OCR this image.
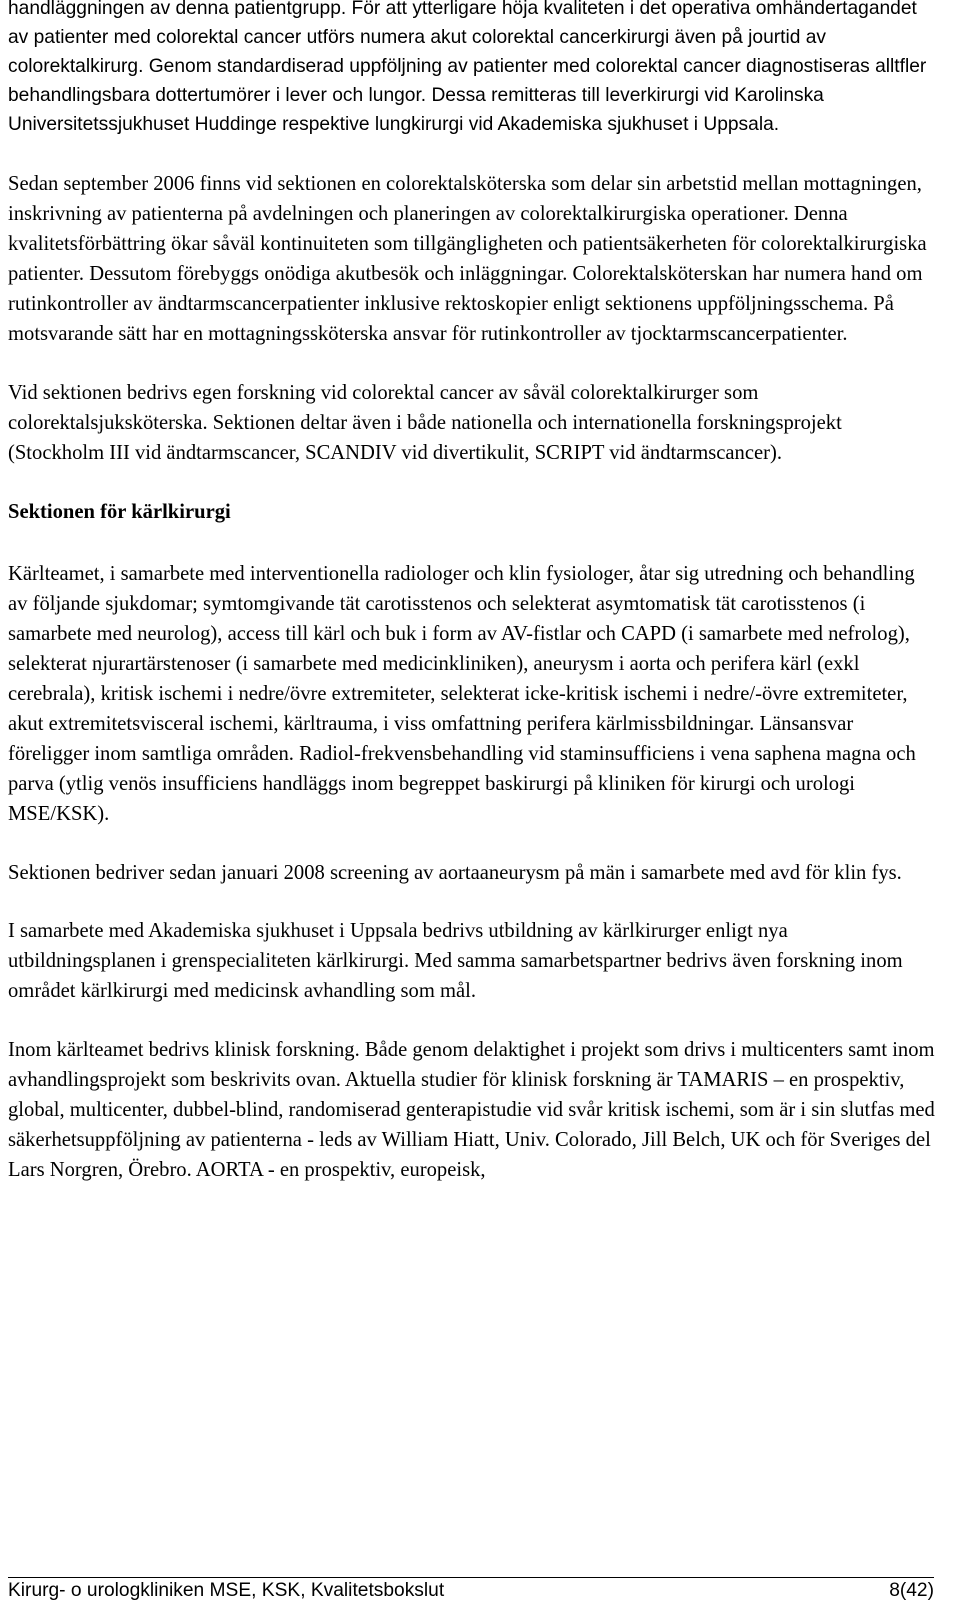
handläggningen av denna patientgrupp. För att ytterligare höja kvaliteten i det operativa omhändertagandet av patienter med colorektal cancer utförs numera akut colorektal cancerkirurgi även på jourtid av colorektalkirurg. Genom standardiserad uppföljning av patienter med colorektal cancer diagnostiseras alltfler behandlingsbara dottertumörer i lever och lungor. Dessa remitteras till leverkirurgi vid Karolinska Universitetssjukhuset Huddinge respektive lungkirurgi vid Akademiska sjukhuset i Uppsala.

Sedan september 2006 finns vid sektionen en colorektalsköterska som delar sin arbetstid mellan mottagningen, inskrivning av patienterna på avdelningen och planeringen av colorektalkirurgiska operationer. Denna kvalitetsförbättring ökar såväl kontinuiteten som tillgängligheten och patientsäkerheten för colorektalkirurgiska patienter. Dessutom förebyggs onödiga akutbesök och inläggningar. Colorektalsköterskan har numera hand om rutinkontroller av ändtarmscancerpatienter inklusive rektoskopier enligt sektionens uppföljningsschema. På motsvarande sätt har en mottagningssköterska ansvar för rutinkontroller av tjocktarmscancerpatienter.

Vid sektionen bedrivs egen forskning vid colorektal cancer av såväl colorektalkirurger som colorektalsjuksköterska. Sektionen deltar även i både nationella och internationella forskningsprojekt (Stockholm III vid ändtarmscancer, SCANDIV vid divertikulit, SCRIPT vid ändtarmscancer).

Sektionen för kärlkirurgi

Kärlteamet, i samarbete med interventionella radiologer och klin fysiologer, åtar sig utredning och behandling av följande sjukdomar; symtomgivande tät carotisstenos och selekterat asymtomatisk tät carotisstenos (i samarbete med neurolog), access till kärl och buk i form av AV-fistlar och CAPD (i samarbete med nefrolog), selekterat njurartärstenoser (i samarbete med medicinkliniken), aneurysm i aorta och perifera kärl (exkl cerebrala), kritisk ischemi i nedre/övre extremiteter, selekterat icke-kritisk ischemi i nedre/-övre extremiteter, akut extremitetsvisceral ischemi, kärltrauma, i viss omfattning perifera kärlmissbildningar. Länsansvar föreligger inom samtliga områden. Radiol-frekvensbehandling vid staminsufficiens i vena saphena magna och parva (ytlig venös insufficiens handläggs inom begreppet baskirurgi på kliniken för kirurgi och urologi MSE/KSK).

Sektionen bedriver sedan januari 2008 screening av aortaaneurysm på män i samarbete med avd för klin fys.

I samarbete med Akademiska sjukhuset i Uppsala bedrivs utbildning av kärlkirurger enligt nya utbildningsplanen i grenspecialiteten kärlkirurgi. Med samma samarbetspartner bedrivs även forskning inom området kärlkirurgi med medicinsk avhandling som mål.

Inom kärlteamet bedrivs klinisk forskning. Både genom delaktighet i projekt som drivs i multicenters samt inom avhandlingsprojekt som beskrivits ovan. Aktuella studier för klinisk forskning är TAMARIS – en prospektiv, global, multicenter, dubbel-blind, randomiserad genterapistudie vid svår kritisk ischemi, som är i sin slutfas med säkerhetsuppföljning av patienterna - leds av William Hiatt, Univ. Colorado, Jill Belch, UK och för Sveriges del Lars Norgren, Örebro. AORTA - en prospektiv, europeisk,

Kirurg- o urologkliniken MSE, KSK, Kvalitetsbokslut	8(42)
